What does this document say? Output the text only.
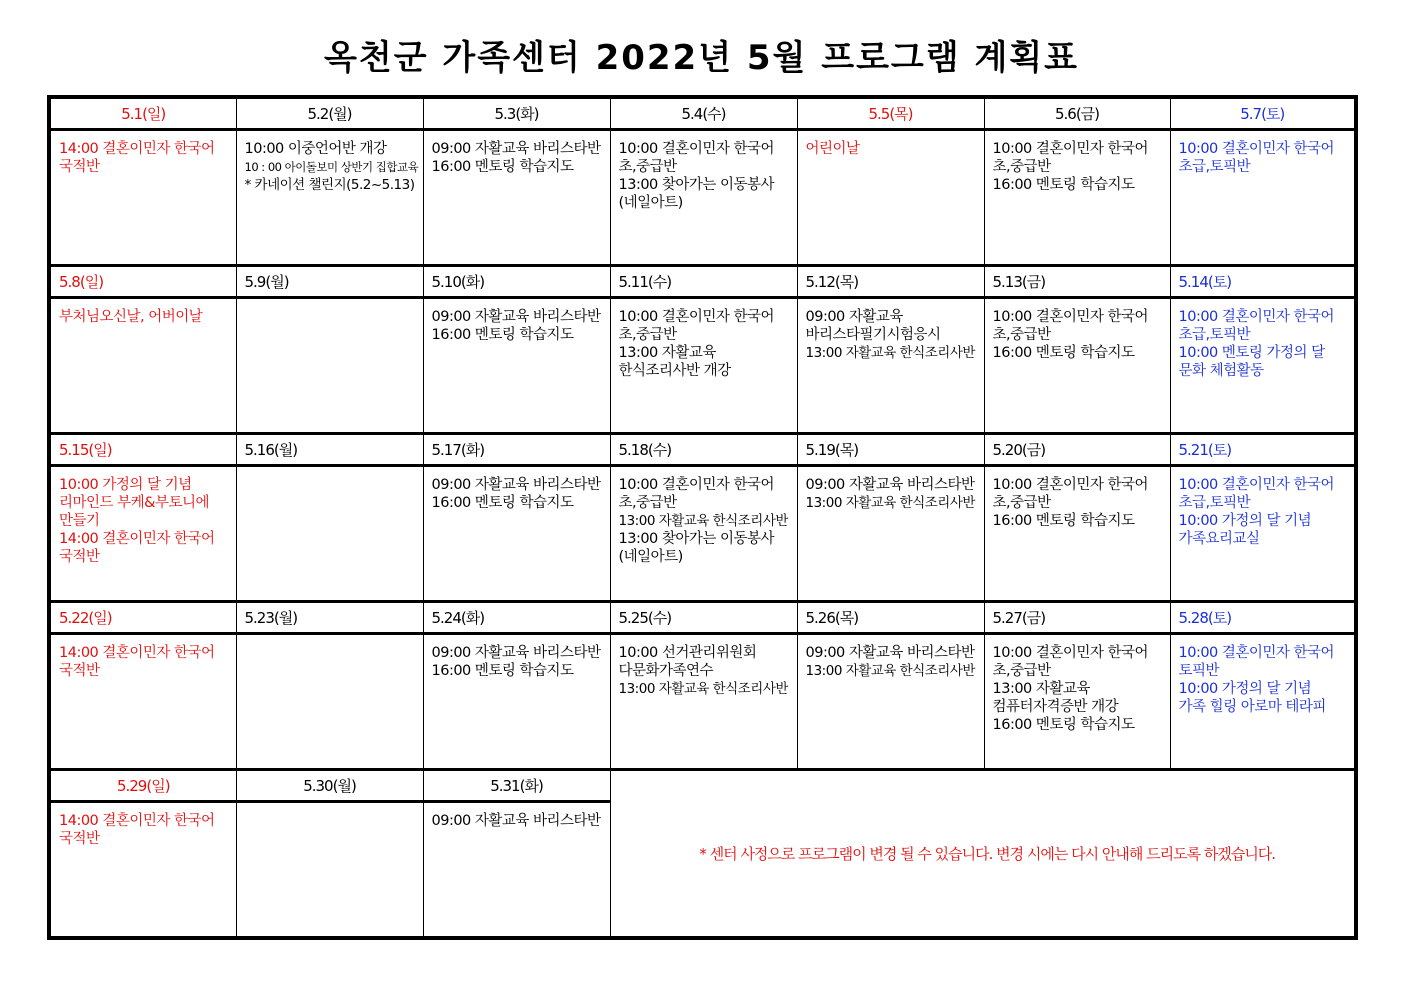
옥천군 가족센터 2022년 5월 프로그램 계획표
5.1(일)	5.2(월)	5.3(화)	5.4(수)	5.5(목)	5.6(금)	5.7(토)

14:00 결혼이민자 한국어
국적반	10:00 이중언어반 개강
10 : 00 아이돌보미 상반기 집합교육
* 카네이션 챌린지(5.2~5.13)	09:00 자활교육 바리스타반
16:00 멘토링 학습지도	10:00 결혼이민자 한국어
초,중급반
13:00 찾아가는 이동봉사
(네일아트)	어린이날	10:00 결혼이민자 한국어
초,중급반
16:00 멘토링 학습지도	10:00 결혼이민자 한국어
초급,토픽반

5.8(일)	5.9(월)	5.10(화)	5.11(수)	5.12(목)	5.13(금)	5.14(토)

부처님오신날, 어버이날		09:00 자활교육 바리스타반
16:00 멘토링 학습지도	10:00 결혼이민자 한국어
초,중급반
13:00 자활교육
한식조리사반 개강	09:00 자활교육
바리스타필기시험응시
13:00 자활교육 한식조리사반	10:00 결혼이민자 한국어
초,중급반
16:00 멘토링 학습지도	10:00 결혼이민자 한국어
초급,토픽반
10:00 멘토링 가정의 달
문화 체험활동

5.15(일)	5.16(월)	5.17(화)	5.18(수)	5.19(목)	5.20(금)	5.21(토)

10:00 가정의 달 기념
리마인드 부케&부토니에
만들기
14:00 결혼이민자 한국어
국적반		09:00 자활교육 바리스타반
16:00 멘토링 학습지도	10:00 결혼이민자 한국어
초,중급반
13:00 자활교육 한식조리사반
13:00 찾아가는 이동봉사
(네일아트)	09:00 자활교육 바리스타반
13:00 자활교육 한식조리사반	10:00 결혼이민자 한국어
초,중급반
16:00 멘토링 학습지도	10:00 결혼이민자 한국어
초급,토픽반
10:00 가정의 달 기념
가족요리교실

5.22(일)	5.23(월)	5.24(화)	5.25(수)	5.26(목)	5.27(금)	5.28(토)

14:00 결혼이민자 한국어
국적반		09:00 자활교육 바리스타반
16:00 멘토링 학습지도	10:00 선거관리위원회
다문화가족연수
13:00 자활교육 한식조리사반	09:00 자활교육 바리스타반
13:00 자활교육 한식조리사반	10:00 결혼이민자 한국어
초,중급반
13:00 자활교육
컴퓨터자격증반 개강
16:00 멘토링 학습지도	10:00 결혼이민자 한국어
토픽반
10:00 가정의 달 기념
가족 힐링 아로마 테라피

5.29(일)	5.30(월)	5.31(화)	* 센터 사정으로 프로그램이 변경 될 수 있습니다. 변경 시에는 다시 안내해 드리도록 하겠습니다.			

14:00 결혼이민자 한국어
국적반		09:00 자활교육 바리스타반				
